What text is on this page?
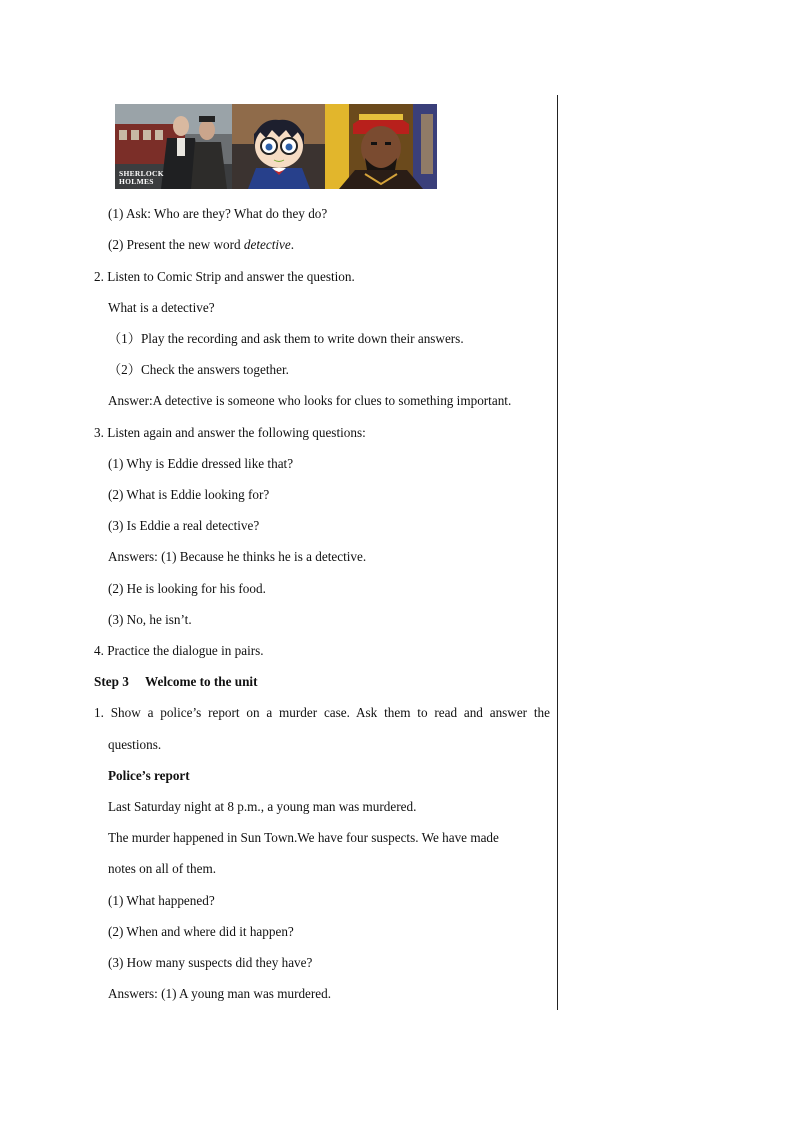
SHERLOCK
HOLMES
(1) Ask: Who are they? What do they do?
(2) Present the new word detective.
2. Listen to Comic Strip and answer the question.
What is a detective?
（1）Play the recording and ask them to write down their answers.
（2）Check the answers together.
Answer:A detective is someone who looks for clues to something important.
3. Listen again and answer the following questions:
(1) Why is Eddie dressed like that?
(2) What is Eddie looking for?
(3) Is Eddie a real detective?
Answers: (1) Because he thinks he is a detective.
(2) He is looking for his food.
(3) No, he isn’t.
4. Practice the dialogue in pairs.
Step 3     Welcome to the unit
1. Show a police’s report on a murder case. Ask them to read and answer the
questions.
Police’s report
Last Saturday night at 8 p.m., a young man was murdered.
The murder happened in Sun Town.We have four suspects. We have made
notes on all of them.
(1) What happened?
(2) When and where did it happen?
(3) How many suspects did they have?
Answers: (1) A young man was murdered.
